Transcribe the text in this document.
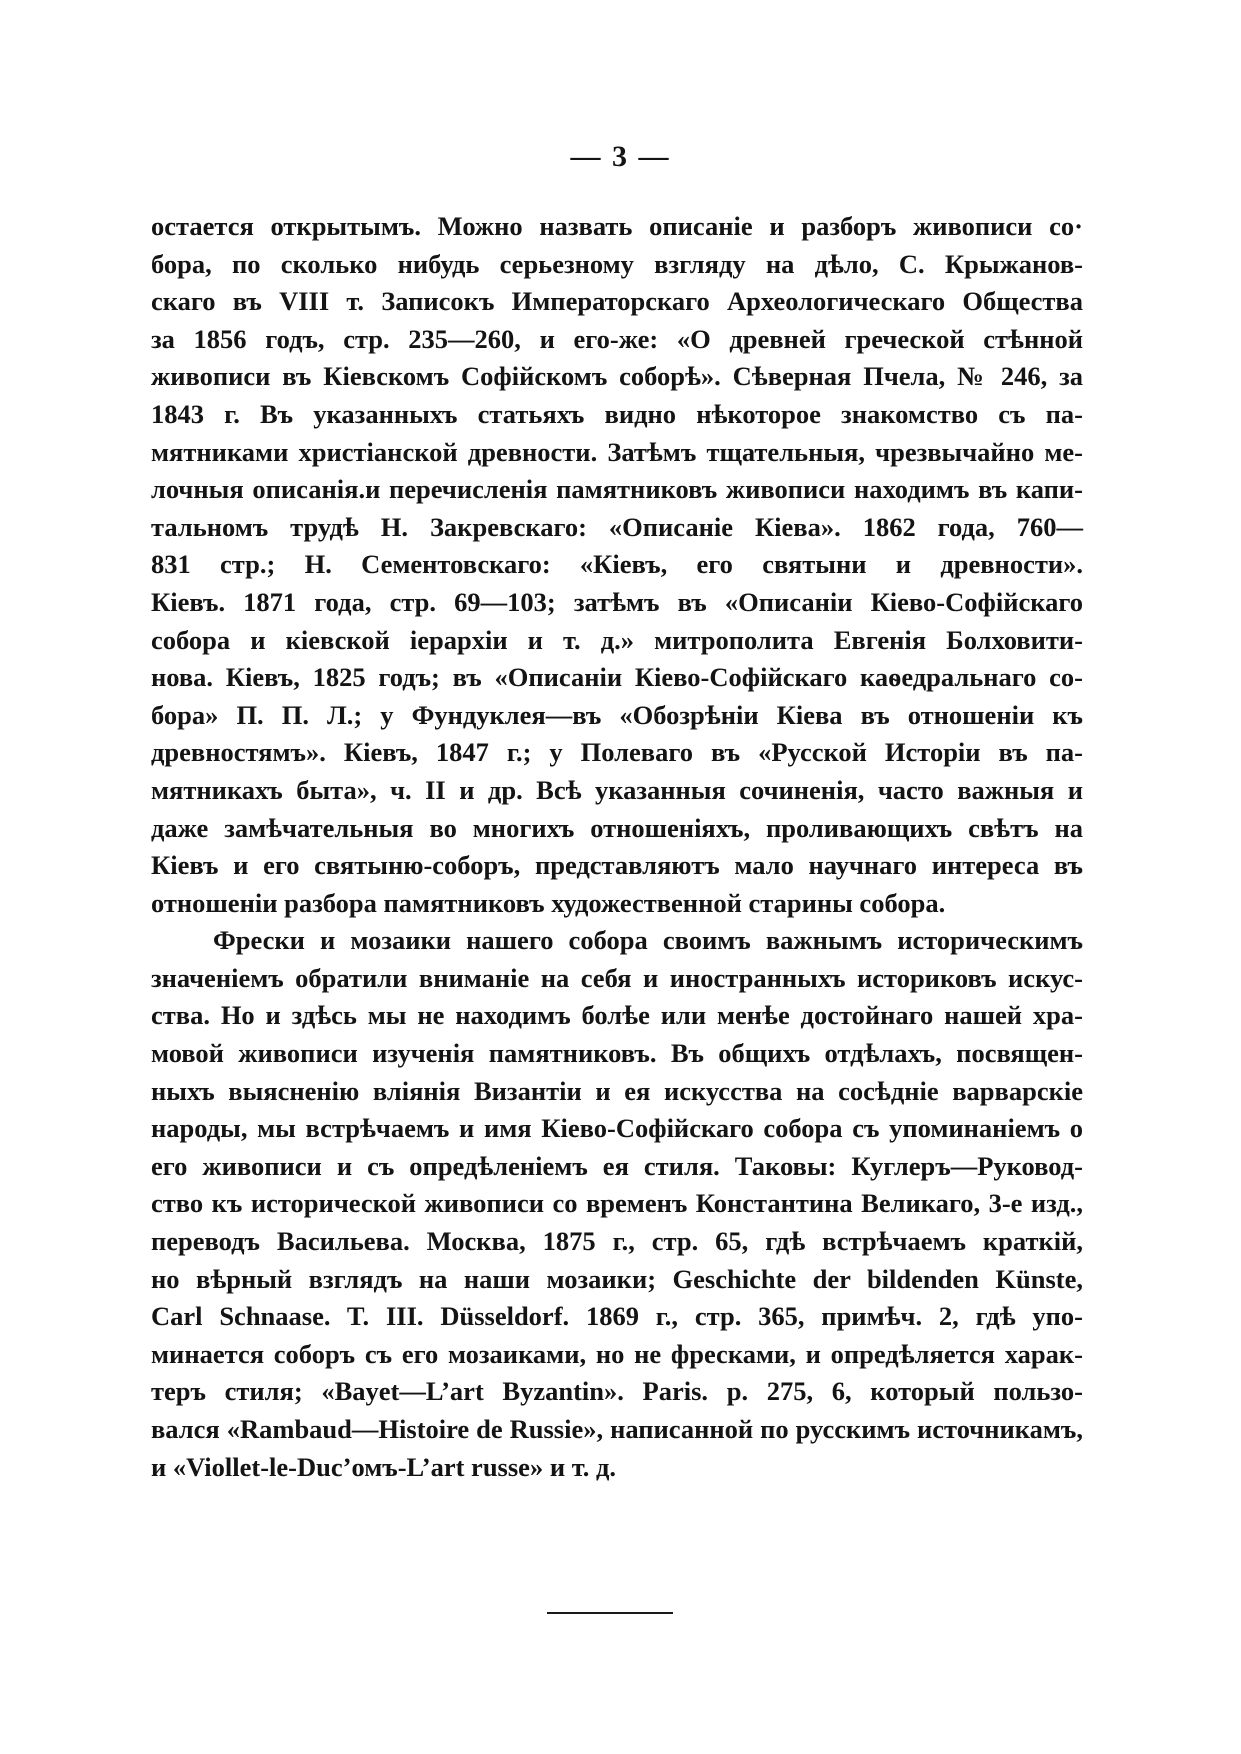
— 3 —
остается открытымъ. Можно назвать описаніе и разборъ живописи со·
бора, по сколько нибудь серьезному взгляду на дѣло, С. Крыжанов-
скаго въ VIII т. Записокъ Императорскаго Археологическаго Общества
за 1856 годъ, стр. 235—260, и его-же: «О древней греческой стѣнной
живописи въ Кіевскомъ Софійскомъ соборѣ». Сѣверная Пчела, № 246, за
1843 г. Въ указанныхъ статьяхъ видно нѣкоторое знакомство съ па-
мятниками христіанской древности. Затѣмъ тщательныя, чрезвычайно ме-
лочныя описанія.и перечисленія памятниковъ живописи находимъ въ капи-
тальномъ трудѣ Н. Закревскаго: «Описаніе Кіева». 1862 года, 760—
831 стр.; Н. Сементовскаго: «Кіевъ, его святыни и древности».
Кіевъ. 1871 года, стр. 69—103; затѣмъ въ «Описаніи Кіево-Софійскаго
собора и кіевской іерархіи и т. д.» митрополита Евгенія Болховити-
нова. Кіевъ, 1825 годъ; въ «Описаніи Кіево-Софійскаго каѳедральнаго со-
бора» П. П. Л.; у Фундуклея—въ «Обозрѣніи Кіева въ отношеніи къ
древностямъ». Кіевъ, 1847 г.; у Полеваго въ «Русской Исторіи въ па-
мятникахъ быта», ч. II и др. Всѣ указанныя сочиненія, часто важныя и
даже замѣчательныя во многихъ отношеніяхъ, проливающихъ свѣтъ на
Кіевъ и его святыню-соборъ, представляютъ мало научнаго интереса въ
отношеніи разбора памятниковъ художественной старины собора.
Фрески и мозаики нашего собора своимъ важнымъ историческимъ
значеніемъ обратили вниманіе на себя и иностранныхъ историковъ искус-
ства. Но и здѣсь мы не находимъ болѣе или менѣе достойнаго нашей хра-
мовой живописи изученія памятниковъ. Въ общихъ отдѣлахъ, посвящен-
ныхъ выясненію вліянія Византіи и ея искусства на сосѣдніе варварскіе
народы, мы встрѣчаемъ и имя Кіево-Софійскаго собора съ упоминаніемъ о
его живописи и съ опредѣленіемъ ея стиля. Таковы: Куглеръ—Руковод-
ство къ исторической живописи со временъ Константина Великаго, 3-е изд.,
переводъ Васильева. Москва, 1875 г., стр. 65, гдѣ встрѣчаемъ краткій,
но вѣрный взглядъ на наши мозаики; Geschichte der bildenden Künste,
Carl Schnaase. T. III. Düsseldorf. 1869 г., стр. 365, примѣч. 2, гдѣ упо-
минается соборъ съ его мозаиками, но не фресками, и опредѣляется харак-
теръ стиля; «Bayet—L’art Byzantin». Paris. p. 275, 6, который пользо-
вался «Rambaud—Histoire de Russie», написанной по русскимъ источникамъ,
и «Viollet-le-Duc’омъ-L’art russe» и т. д.
